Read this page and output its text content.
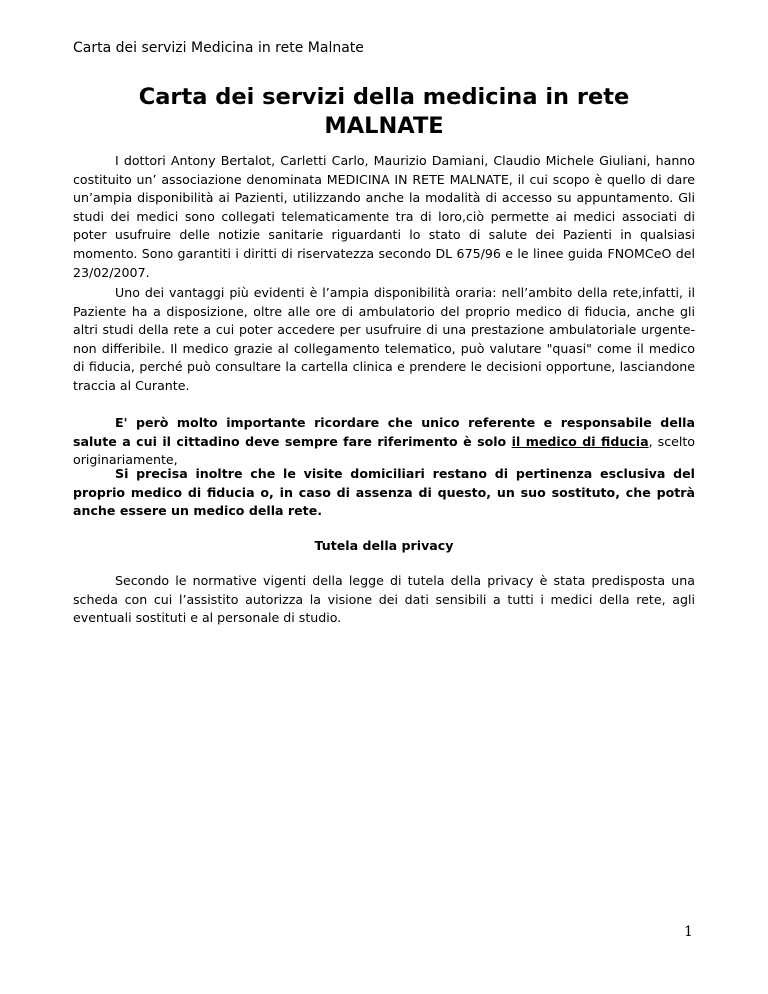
Carta dei servizi Medicina in rete Malnate
Carta dei servizi della medicina in rete
MALNATE

I dottori Antony Bertalot, Carletti Carlo, Maurizio Damiani, Claudio Michele Giuliani, hanno costituito un’ associazione denominata MEDICINA IN RETE MALNATE, il cui scopo è quello di dare un’ampia disponibilità ai Pazienti, utilizzando anche la modalità di accesso su appuntamento. Gli studi dei medici sono collegati telematicamente tra di loro,ciò permette ai medici associati di poter usufruire delle notizie sanitarie riguardanti lo stato di salute dei Pazienti in qualsiasi momento. Sono garantiti i diritti di riservatezza secondo DL 675/96 e le linee guida FNOMCeO del 23/02/2007.

Uno dei vantaggi più evidenti è l’ampia disponibilità oraria: nell’ambito della rete,infatti, il Paziente ha a disposizione, oltre alle ore di ambulatorio del proprio medico di fiducia, anche gli altri studi della rete a cui poter accedere per usufruire di una prestazione ambulatoriale urgente- non differibile. Il medico grazie al collegamento telematico, può valutare "quasi" come il medico di fiducia, perché può consultare la cartella clinica e prendere le decisioni opportune, lasciandone traccia al Curante.

E' però molto importante ricordare che unico referente e responsabile della salute a cui il cittadino deve sempre fare riferimento è solo il medico di fiducia, scelto originariamente,

Si precisa inoltre che le visite domiciliari restano di pertinenza esclusiva del proprio medico di fiducia o, in caso di assenza di questo, un suo sostituto, che potrà anche essere un medico della rete.

Tutela della privacy

Secondo le normative vigenti della legge di tutela della privacy è stata predisposta una scheda con cui l’assistito autorizza la visione dei dati sensibili a tutti i medici della rete, agli eventuali sostituti e al personale di studio.

1
